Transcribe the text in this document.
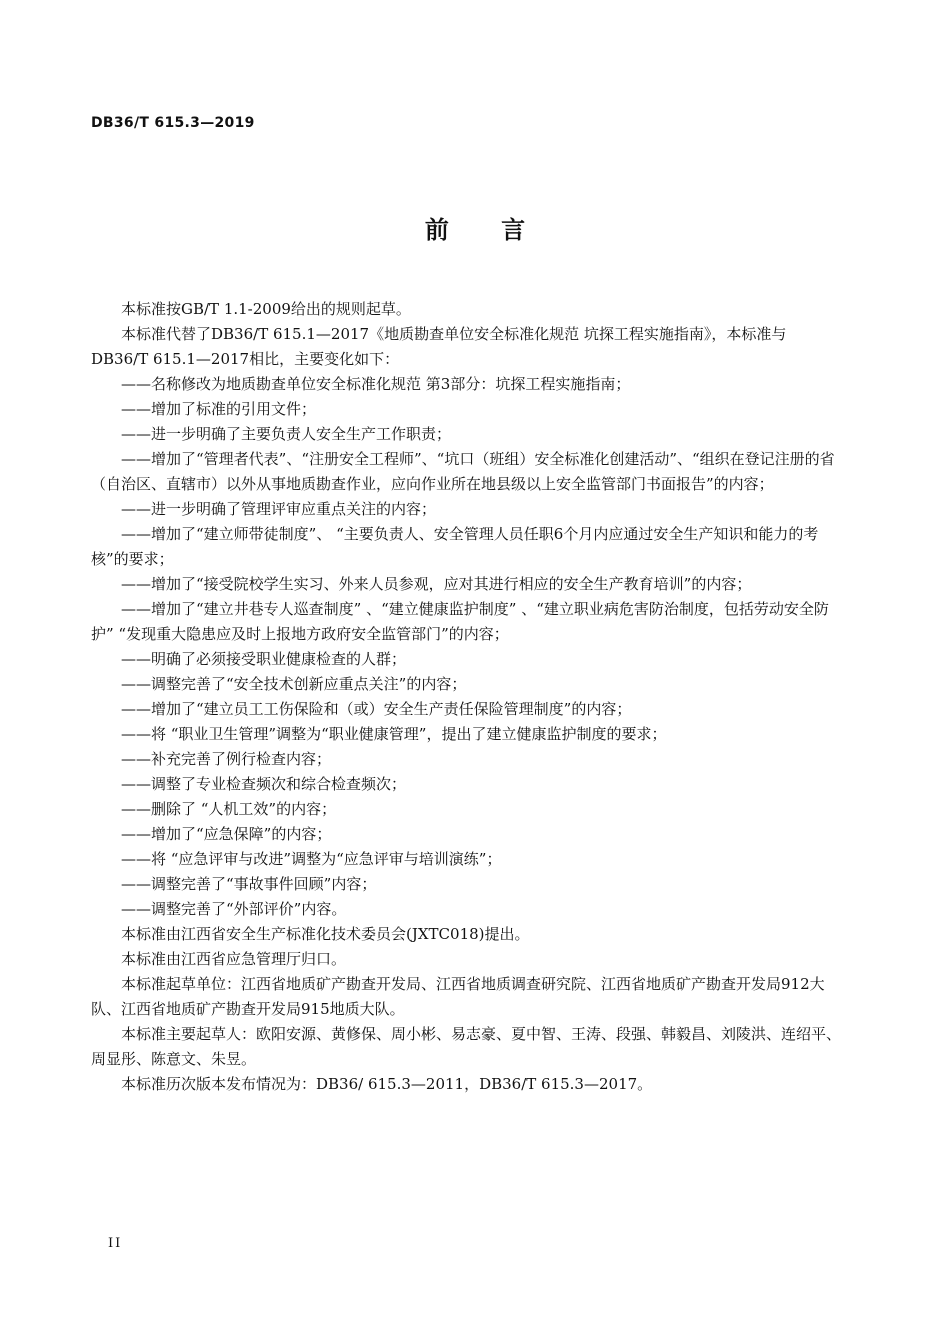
DB36/T 615.3—2019
前 言

本标准按GB/T 1.1-2009给出的规则起草。

本标准代替了DB36/T 615.1—2017《地质勘查单位安全标准化规范 坑探工程实施指南》，本标准与DB36/T 615.1—2017相比，主要变化如下：

——名称修改为地质勘查单位安全标准化规范 第3部分：坑探工程实施指南；

——增加了标准的引用文件；

——进一步明确了主要负责人安全生产工作职责；

——增加了“管理者代表”、“注册安全工程师”、“坑口（班组）安全标准化创建活动”、“组织在登记注册的省（自治区、直辖市）以外从事地质勘查作业，应向作业所在地县级以上安全监管部门书面报告”的内容；

——进一步明确了管理评审应重点关注的内容；

——增加了“建立师带徒制度”、 “主要负责人、安全管理人员任职6个月内应通过安全生产知识和能力的考核”的要求；

——增加了“接受院校学生实习、外来人员参观，应对其进行相应的安全生产教育培训”的内容；

——增加了“建立井巷专人巡查制度” 、“建立健康监护制度” 、“建立职业病危害防治制度，包括劳动安全防护” “发现重大隐患应及时上报地方政府安全监管部门”的内容；

——明确了必须接受职业健康检查的人群；

——调整完善了“安全技术创新应重点关注”的内容；

——增加了“建立员工工伤保险和（或）安全生产责任保险管理制度”的内容；

——将 “职业卫生管理”调整为“职业健康管理”，提出了建立健康监护制度的要求；

——补充完善了例行检查内容；

——调整了专业检查频次和综合检查频次；

——删除了 “人机工效”的内容；

——增加了“应急保障”的内容；

——将 “应急评审与改进”调整为“应急评审与培训演练”；

——调整完善了“事故事件回顾”内容；

——调整完善了“外部评价”内容。

本标准由江西省安全生产标准化技术委员会(JXTC018)提出。

本标准由江西省应急管理厅归口。

本标准起草单位：江西省地质矿产勘查开发局、江西省地质调查研究院、江西省地质矿产勘查开发局912大队、江西省地质矿产勘查开发局915地质大队。

本标准主要起草人：欧阳安源、黄修保、周小彬、易志豪、夏中智、王涛、段强、韩毅昌、刘陵洪、连绍平、周显彤、陈意文、朱昱。

本标准历次版本发布情况为：DB36/ 615.3—2011，DB36/T 615.3—2017。

II
